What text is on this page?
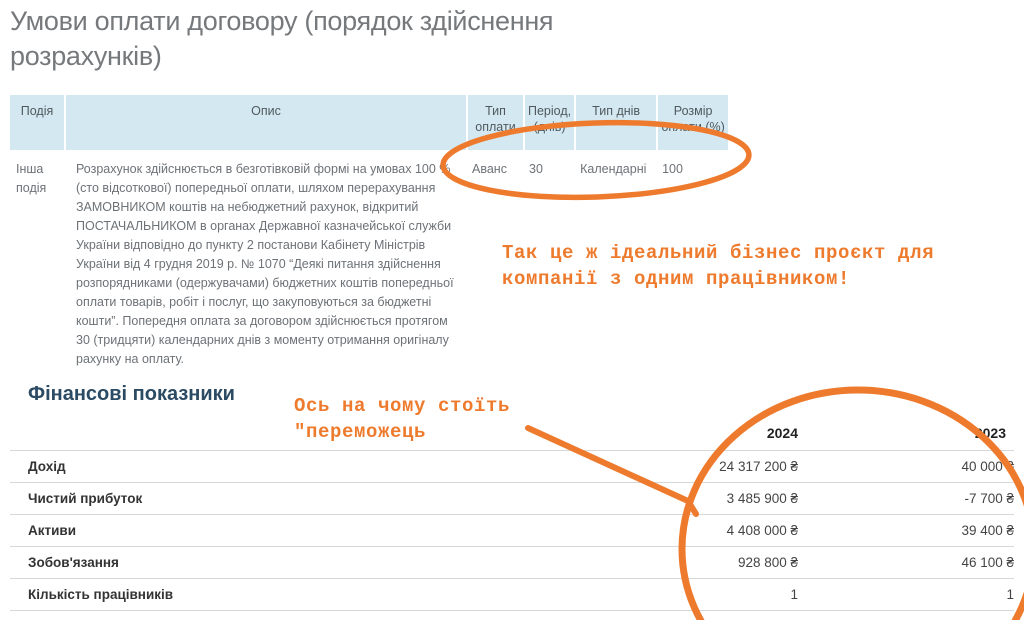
Умови оплати договору (порядок здійснення розрахунків)
Подія	Опис	Тип оплати	Період, (днів)	Тип днів	Розмір оплати (%)
Інша подія	Розрахунок здійснюється в безготівковій формі на умовах 100 % (сто відсоткової) попередньої оплати, шляхом перерахування ЗАМОВНИКОМ коштів на небюджетний рахунок, відкритий ПОСТАЧАЛЬНИКОМ в органах Державної казначейської служби України відповідно до пункту 2 постанови Кабінету Міністрів України від 4 грудня 2019 р. № 1070 “Деякі питання здійснення розпорядниками (одержувачами) бюджетних коштів попередньої оплати товарів, робіт і послуг, що закуповуються за бюджетні кошти”. Попередня оплата за договором здійснюється протягом 30 (тридцяти) календарних днів з моменту отримання оригіналу рахунку на оплату.	Аванс	30	Календарні	100
Фінансові показники
	2024	2023
Дохід	24 317 200 ₴	40 000 ₴
Чистий прибуток	3 485 900 ₴	-7 700 ₴
Активи	4 408 000 ₴	39 400 ₴
Зобов'язання	928 800 ₴	46 100 ₴
Кількість працівників	1	1
Так це ж ідеальний бізнес проєкт для
компанії з одним працівником!
Ось на чому стоїть
"переможець
